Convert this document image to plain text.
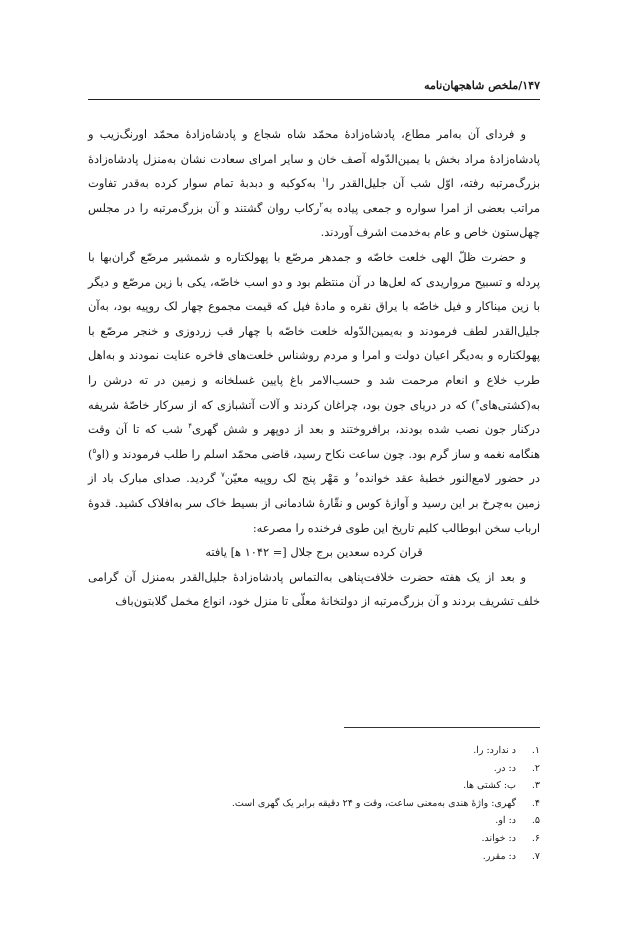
۱۴۷/ملخص شاهجهان‌نامه

و فردای آن به‌امر مطاع، پادشاه‌زادهٔ محمّد شاه شجاع و پادشاه‌زادهٔ محمّد اورنگ‌زیب و پادشاه‌زادهٔ مراد بخش با یمین‌الدّوله آصف خان و سایر امرای سعادت نشان به‌منزل پادشاه‌زادهٔ بزرگ‌مرتبه رفته، اوّل شب آن جلیل‌القدر را$^۱$ به‌کوکبه و دبدبهٔ تمام سوار کرده به‌قدر تفاوت مراتب بعضی از امرا سواره و جمعی پیاده به$^۲$رکاب روان گشتند و آن بزرگ‌مرتبه را در مجلس چهل‌ستون خاص و عام به‌خدمت اشرف آوردند.

و حضرت ظلّ الهی خلعت خاصّه و جمدهر مرصّع با پهولکتاره و شمشیر مرصّع گران‌بها با پردله و تسبیح مروارید‌ی که لعل‌ها در آن منتظم بود و دو اسب خاصّه، یکی با زین مرصّع و دیگر با زین میناکار و فیل خاصّه با یراق نقره و مادهٔ فیل که قیمت مجموع چهار لک روپیه بود، به‌آن جلیل‌القدر لطف فرمودند و به‌یمین‌الدّوله خلعت خاصّه با چهار قب زردوزی و خنجر مرصّع با پهولکتاره و به‌دیگر اعیان دولت و امرا و مردم روشناس خلعت‌های فاخره عنایت نمودند و به‌اهل طرب خلاع و انعام مرحمت شد و حسب‌الامر باغ پایین غسلخانه و زمین در ته درشن را به(کشتی‌های$^۳$) که در دریای جون بود، چراغان کردند و آلات آتشبازی که از سرکار خاصّهٔ شریفه درکنار جون نصب شده بودند، برافروختند و بعد از دوپهر و شش گهری$^۴$ شب که تا آن وقت هنگامه نغمه و ساز گرم بود. چون ساعت نکاح رسید، قاضی محمّد اسلم را طلب فرمودند و (او$^۵$) در حضور لامع‌النور خطبهٔ عقد خوانده$^۶$ و مَهْر پنج لک روپیه معیّن$^۷$ گردید. صدای مبارک باد از زمین به‌چرخ بر این رسید و آوازهٔ کوس و نقّارهٔ شادمانی از بسیط خاک سر به‌افلاک کشید. قدوهٔ ارباب سخن ابوطالب کلیم تاریخ این طوی فرخنده را مصرعه:

قران کرده سعدین برج جلال [= ۱۰۴۲ ه‍] یافته

و بعد از یک هفته حضرت خلافت‌پناهی به‌التماس پادشاه‌زادهٔ جلیل‌القدر به‌منزل آن گرامی خلف تشریف بردند و آن بزرگ‌مرتبه از دولتخانهٔ معلّی تا منزل خود، انواع مخمل گلابتون‌باف

۱.
د ندارد: را.
۲.
د: در.
۳.
ب: کشتی ها.
۴.
گهری: واژهٔ هندی به‌معنی ساعت، وقت و ۲۴ دقیقه برابر یک گهری است.
۵.
د: او.
۶.
د: خواند.
۷.
د: مقرر.
